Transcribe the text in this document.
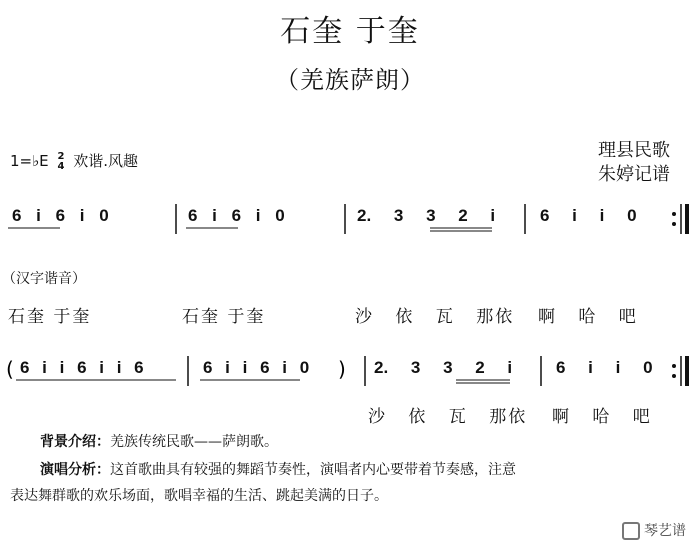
石奎 于奎
（羌族萨朗）
1=♭E 2
4 欢谐.风趣	理县民歌
朱婷记谱
6 i 6 i 0	6 i 6 i 0	2. 3 3 2 i	6 i i 0
（汉字谐音）
石奎 于奎	石奎 于奎	沙 依 瓦 那依 啊 哈 吧
(	)
6 i i 6 i i 6	6 i i 6 i 0	2. 3 3 2 i	6 i i 0
沙 依 瓦 那依 啊 哈 吧
背景介绍：羌族传统民歌——萨朗歌。
演唱分析：这首歌曲具有较强的舞蹈节奏性，演唱者内心要带着节奏感，注意
表达舞群歌的欢乐场面，歌唱幸福的生活、跳起美满的日子。
琴艺谱
